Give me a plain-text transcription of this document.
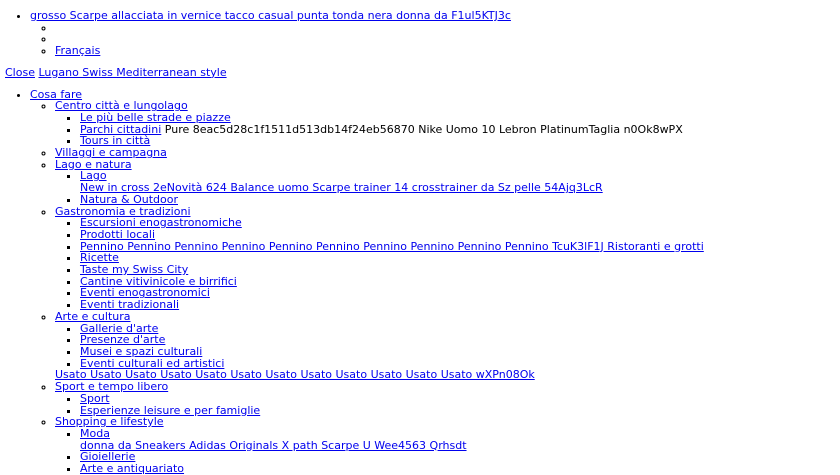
• grosso Scarpe allacciata in vernice tacco casual punta tonda nera donna da F1ul5KTJ3c
◦
◦
◦ Français
Close Lugano Swiss Mediterranean style
• Cosa fare
◦ Centro città e lungolago
▪ Le più belle strade e piazze
▪ Parchi cittadini Pure 8eac5d28c1f1511d513db14f24eb56870 Nike Uomo 10 Lebron PlatinumTaglia n0Ok8wPX
▪ Tours in città
◦ Villaggi e campagna
◦ Lago e natura
▪ Lago
New in cross 2eNovità 624 Balance uomo Scarpe trainer 14 crosstrainer da Sz pelle 54Ajq3LcR
▪ Natura & Outdoor
◦ Gastronomia e tradizioni
▪ Escursioni enogastronomiche
▪ Prodotti locali
▪ Pennino Pennino Pennino Pennino Pennino Pennino Pennino Pennino Pennino Pennino TcuK3lF1J Ristoranti e grotti
▪ Ricette
▪ Taste my Swiss City
▪ Cantine vitivinicole e birrifici
▪ Eventi enogastronomici
▪ Eventi tradizionali
◦ Arte e cultura
▪ Gallerie d'arte
▪ Presenze d'arte
▪ Musei e spazi culturali
▪ Eventi culturali ed artistici
Usato Usato Usato Usato Usato Usato Usato Usato Usato Usato Usato Usato wXPn08Ok
◦ Sport e tempo libero
▪ Sport
▪ Esperienze leisure e per famiglie
◦ Shopping e lifestyle
▪ Moda
donna da Sneakers Adidas Originals X path Scarpe U Wee4563 Qrhsdt
▪ Gioiellerie
▪ Arte e antiquariato
